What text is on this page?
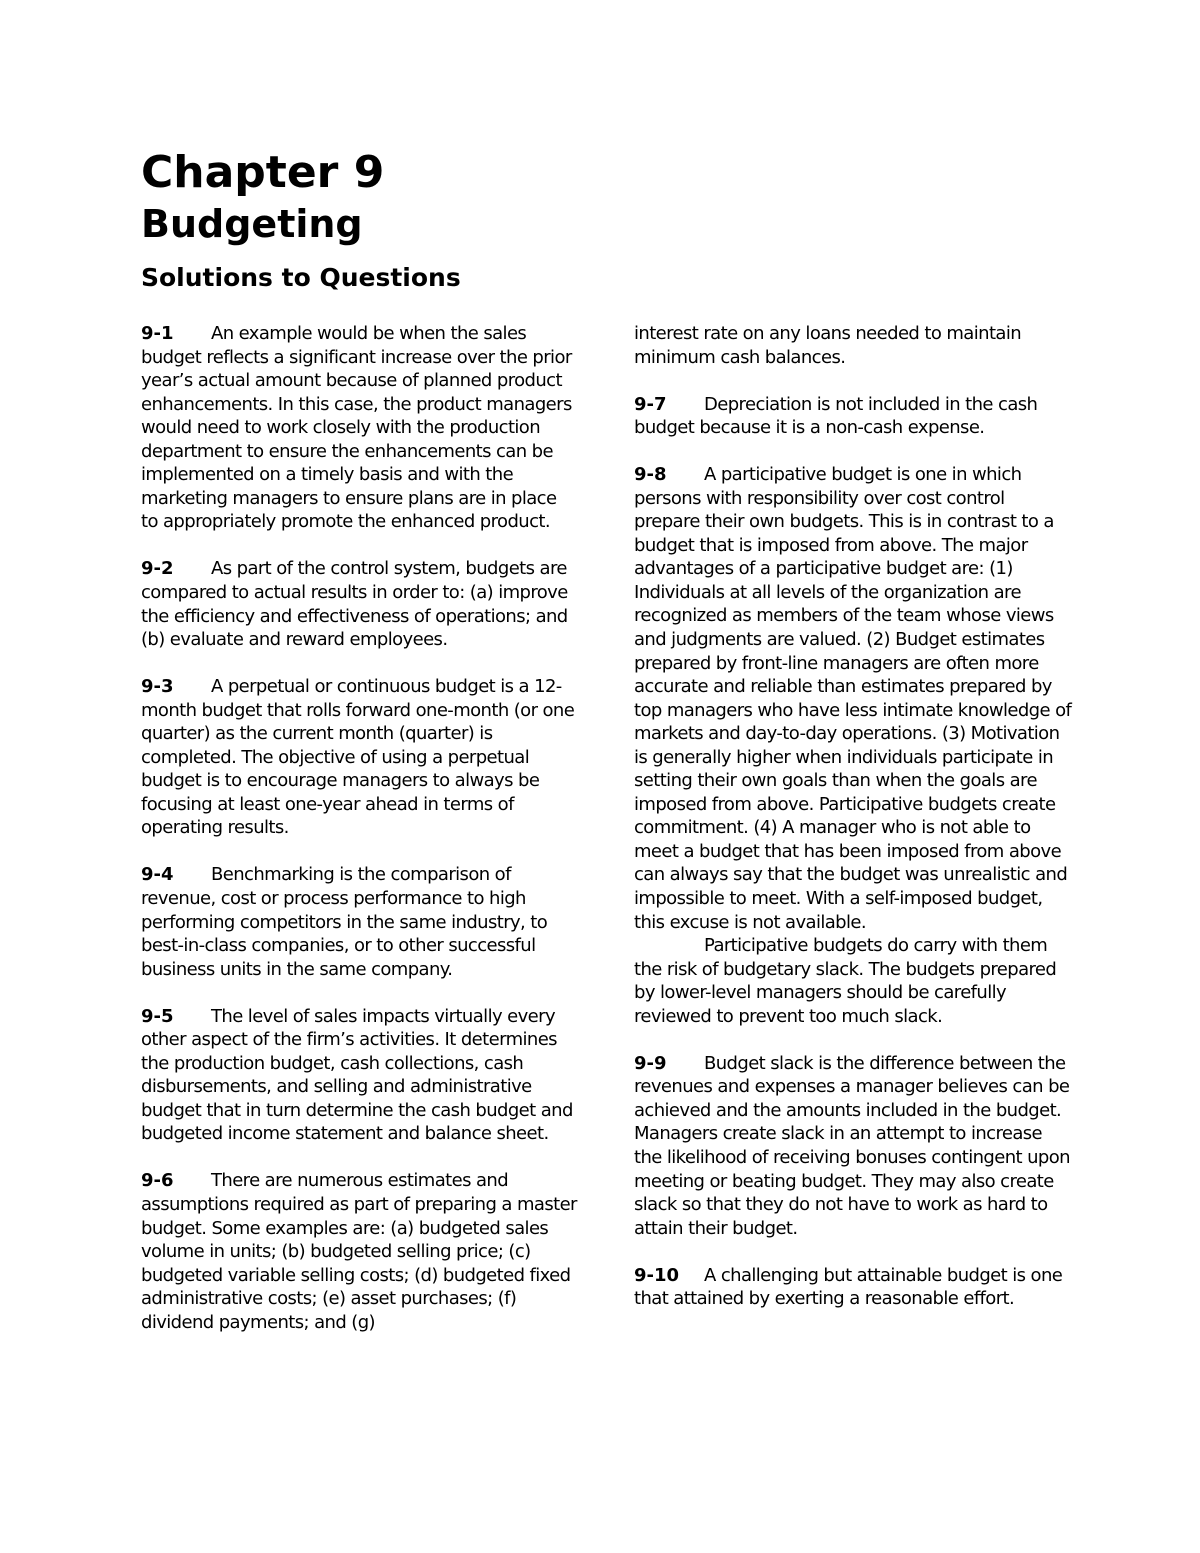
Chapter 9
Budgeting
Solutions to Questions

9-1 An example would be when the sales budget reflects a significant increase over the prior year’s actual amount because of planned product enhancements. In this case, the product managers would need to work closely with the production department to ensure the enhancements can be implemented on a timely basis and with the marketing managers to ensure plans are in place to appropriately promote the enhanced product.

9-2 As part of the control system, budgets are compared to actual results in order to: (a) improve the efficiency and effectiveness of operations; and (b) evaluate and reward employees.

9-3 A perpetual or continuous budget is a 12-month budget that rolls forward one-month (or one quarter) as the current month (quarter) is completed. The objective of using a perpetual budget is to encourage managers to always be focusing at least one-year ahead in terms of operating results.

9-4 Benchmarking is the comparison of revenue, cost or process performance to high performing competitors in the same industry, to best-in-class companies, or to other successful business units in the same company.

9-5 The level of sales impacts virtually every other aspect of the firm’s activities. It determines the production budget, cash collections, cash disbursements, and selling and administrative budget that in turn determine the cash budget and budgeted income statement and balance sheet.

9-6 There are numerous estimates and assumptions required as part of preparing a master budget. Some examples are: (a) budgeted sales volume in units; (b) budgeted selling price; (c) budgeted variable selling costs; (d) budgeted fixed administrative costs; (e) asset purchases; (f) dividend payments; and (g)

interest rate on any loans needed to maintain minimum cash balances.

9-7 Depreciation is not included in the cash budget because it is a non-cash expense.

9-8 A participative budget is one in which persons with responsibility over cost control prepare their own budgets. This is in contrast to a budget that is imposed from above. The major advantages of a participative budget are: (1) Individuals at all levels of the organization are recognized as members of the team whose views and judgments are valued. (2) Budget estimates prepared by front-line managers are often more accurate and reliable than estimates prepared by top managers who have less intimate knowledge of markets and day-to-day operations. (3) Motivation is generally higher when individuals participate in setting their own goals than when the goals are imposed from above. Participative budgets create commitment. (4) A manager who is not able to meet a budget that has been imposed from above can always say that the budget was unrealistic and impossible to meet. With a self-imposed budget, this excuse is not available.

Participative budgets do carry with them the risk of budgetary slack. The budgets prepared by lower-level managers should be carefully reviewed to prevent too much slack.

9-9 Budget slack is the difference between the revenues and expenses a manager believes can be achieved and the amounts included in the budget. Managers create slack in an attempt to increase the likelihood of receiving bonuses contingent upon meeting or beating budget. They may also create slack so that they do not have to work as hard to attain their budget.

9-10 A challenging but attainable budget is one that attained by exerting a reasonable effort.
